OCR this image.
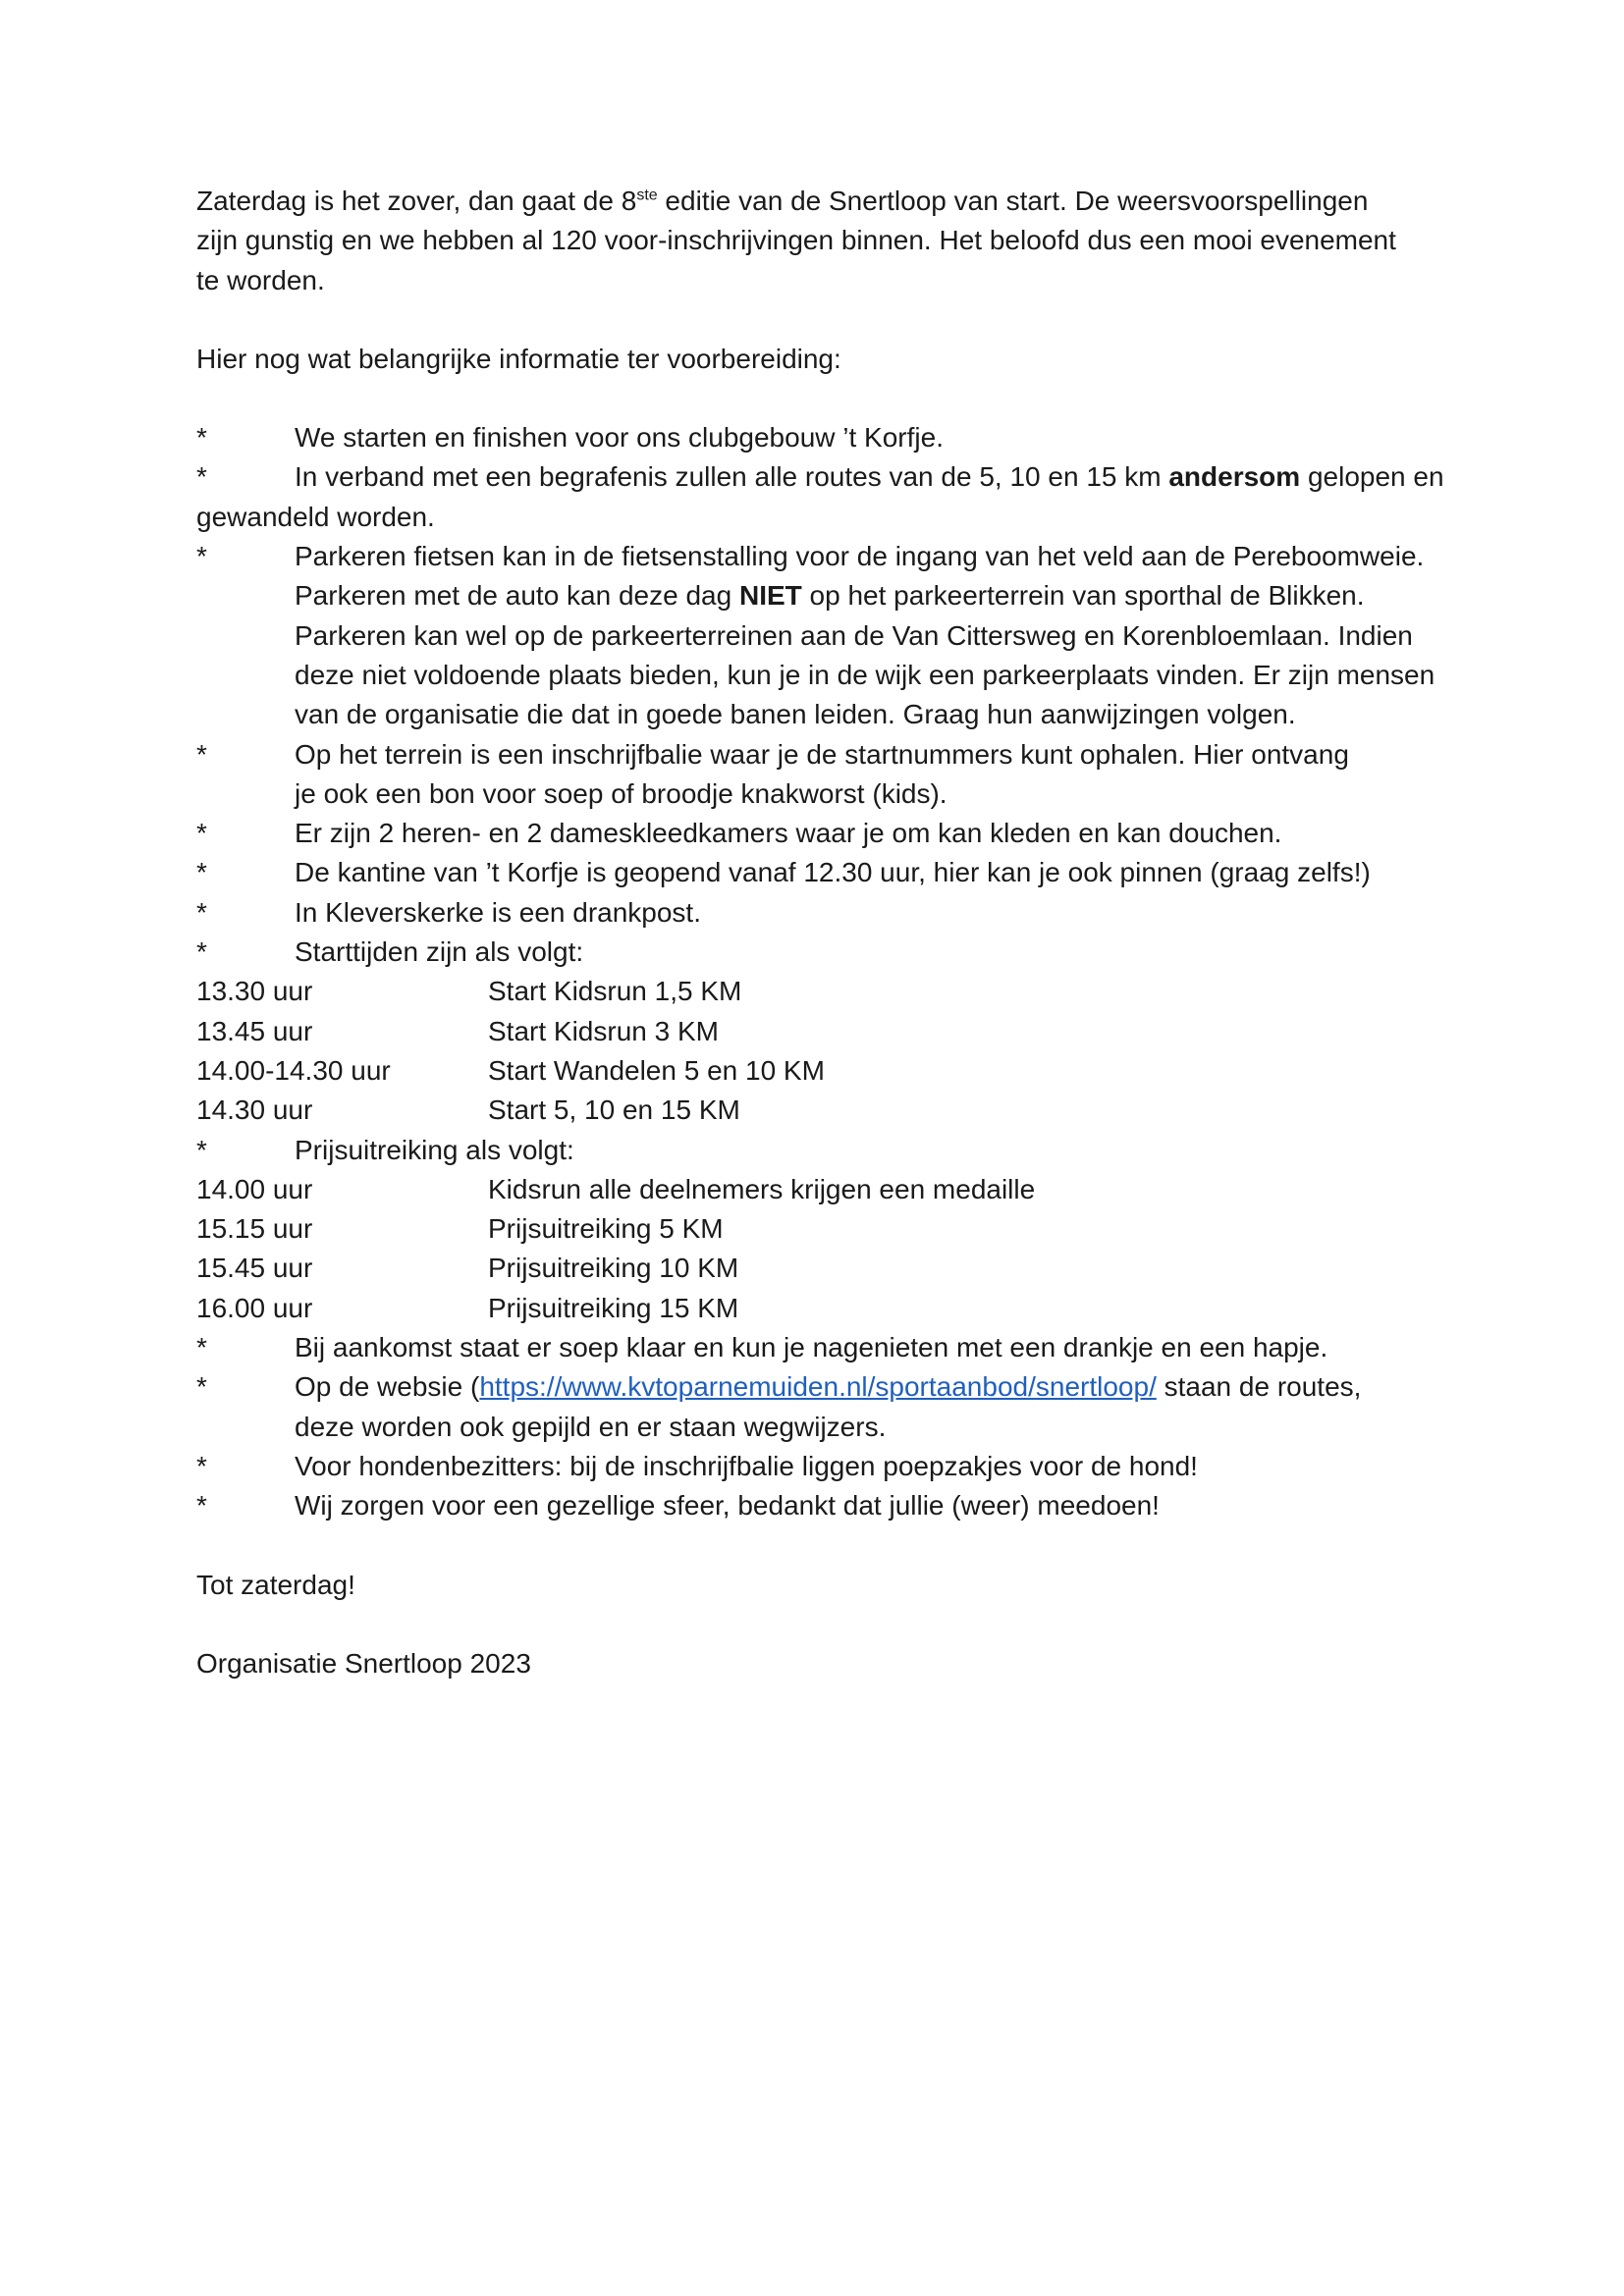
Zaterdag is het zover, dan gaat de 8ste editie van de Snertloop van start. De weersvoorspellingen

zijn gunstig en we hebben al 120 voor-inschrijvingen binnen. Het beloofd dus een mooi evenement

te worden.

Hier nog wat belangrijke informatie ter voorbereiding:

*	We starten en finishen voor ons clubgebouw ’t Korfje.
*	In verband met een begrafenis zullen alle routes van de 5, 10 en 15 km andersom gelopen en
gewandeld worden.
*	Parkeren fietsen kan in de fietsenstalling voor de ingang van het veld aan de Pereboomweie.
Parkeren met de auto kan deze dag NIET op het parkeerterrein van sporthal de Blikken.
Parkeren kan wel op de parkeerterreinen aan de Van Cittersweg en Korenbloemlaan. Indien
deze niet voldoende plaats bieden, kun je in de wijk een parkeerplaats vinden. Er zijn mensen
van de organisatie die dat in goede banen leiden. Graag hun aanwijzingen volgen.
*	Op het terrein is een inschrijfbalie waar je de startnummers kunt ophalen. Hier ontvang
je ook een bon voor soep of broodje knakworst (kids).
*	Er zijn 2 heren- en 2 dameskleedkamers waar je om kan kleden en kan douchen.
*	De kantine van ’t Korfje is geopend vanaf 12.30 uur, hier kan je ook pinnen (graag zelfs!)
*	In Kleverskerke is een drankpost.
*	Starttijden zijn als volgt:
13.30 uur	Start Kidsrun 1,5 KM
13.45 uur	Start Kidsrun 3 KM
14.00-14.30 uur	Start Wandelen 5 en 10 KM
14.30 uur	Start 5, 10 en 15 KM
*	Prijsuitreiking als volgt:
14.00 uur	Kidsrun alle deelnemers krijgen een medaille
15.15 uur	Prijsuitreiking 5 KM
15.45 uur	Prijsuitreiking 10 KM
16.00 uur	Prijsuitreiking 15 KM
*	Bij aankomst staat er soep klaar en kun je nagenieten met een drankje en een hapje.
*	Op de websie (https://www.kvtoparnemuiden.nl/sportaanbod/snertloop/ staan de routes,
deze worden ook gepijld en er staan wegwijzers.
*	Voor hondenbezitters: bij de inschrijfbalie liggen poepzakjes voor de hond!
*	Wij zorgen voor een gezellige sfeer, bedankt dat jullie (weer) meedoen!

Tot zaterdag!

Organisatie Snertloop 2023
